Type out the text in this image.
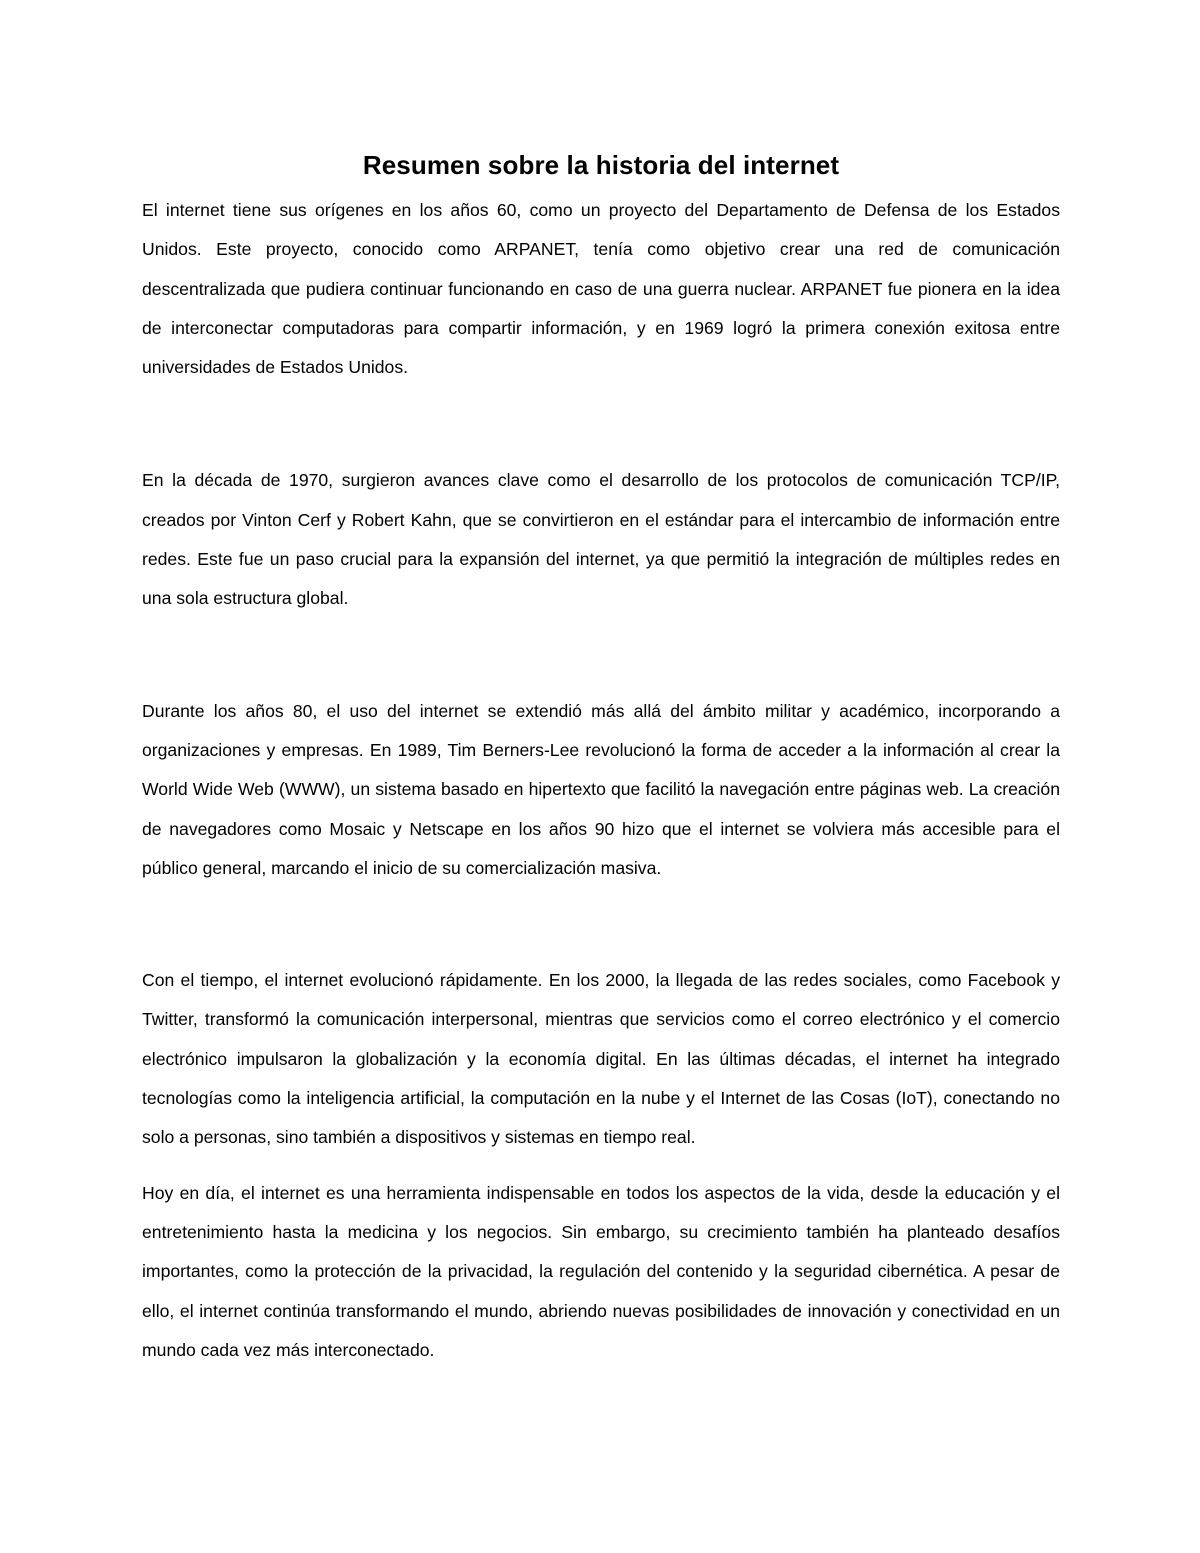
Resumen sobre la historia del internet

El internet tiene sus orígenes en los años 60, como un proyecto del Departamento de Defensa de los Estados Unidos. Este proyecto, conocido como ARPANET, tenía como objetivo crear una red de comunicación descentralizada que pudiera continuar funcionando en caso de una guerra nuclear. ARPANET fue pionera en la idea de interconectar computadoras para compartir información, y en 1969 logró la primera conexión exitosa entre universidades de Estados Unidos.

En la década de 1970, surgieron avances clave como el desarrollo de los protocolos de comunicación TCP/IP, creados por Vinton Cerf y Robert Kahn, que se convirtieron en el estándar para el intercambio de información entre redes. Este fue un paso crucial para la expansión del internet, ya que permitió la integración de múltiples redes en una sola estructura global.

Durante los años 80, el uso del internet se extendió más allá del ámbito militar y académico, incorporando a organizaciones y empresas. En 1989, Tim Berners-Lee revolucionó la forma de acceder a la información al crear la World Wide Web (WWW), un sistema basado en hipertexto que facilitó la navegación entre páginas web. La creación de navegadores como Mosaic y Netscape en los años 90 hizo que el internet se volviera más accesible para el público general, marcando el inicio de su comercialización masiva.

Con el tiempo, el internet evolucionó rápidamente. En los 2000, la llegada de las redes sociales, como Facebook y Twitter, transformó la comunicación interpersonal, mientras que servicios como el correo electrónico y el comercio electrónico impulsaron la globalización y la economía digital. En las últimas décadas, el internet ha integrado tecnologías como la inteligencia artificial, la computación en la nube y el Internet de las Cosas (IoT), conectando no solo a personas, sino también a dispositivos y sistemas en tiempo real.

Hoy en día, el internet es una herramienta indispensable en todos los aspectos de la vida, desde la educación y el entretenimiento hasta la medicina y los negocios. Sin embargo, su crecimiento también ha planteado desafíos importantes, como la protección de la privacidad, la regulación del contenido y la seguridad cibernética. A pesar de ello, el internet continúa transformando el mundo, abriendo nuevas posibilidades de innovación y conectividad en un mundo cada vez más interconectado.
